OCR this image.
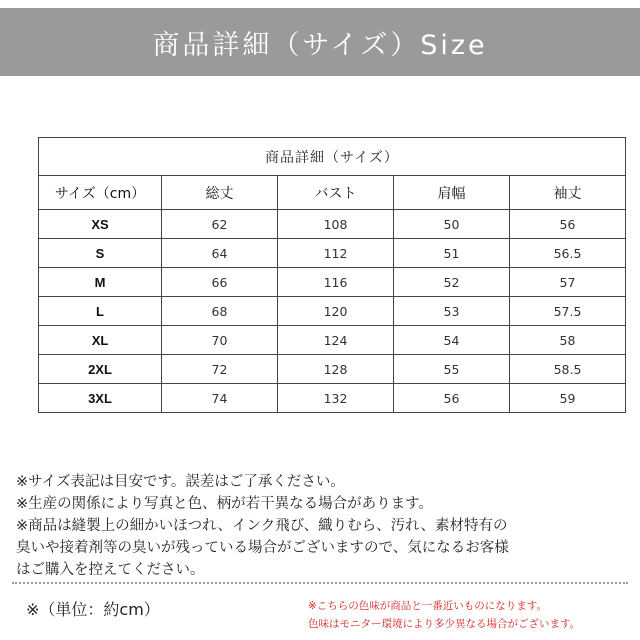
商品詳細（サイズ）Size
商品詳細（サイズ）				
サイズ（cm）	総丈	バスト	肩幅	袖丈
XS	62	108	50	56
S	64	112	51	56.5
M	66	116	52	57
L	68	120	53	57.5
XL	70	124	54	58
2XL	72	128	55	58.5
3XL	74	132	56	59
※サイズ表記は目安です。誤差はご了承ください。
※生産の関係により写真と色、柄が若干異なる場合があります。
※商品は縫製上の細かいほつれ、インク飛び、織りむら、汚れ、素材特有の
臭いや接着剤等の臭いが残っている場合がございますので、気になるお客様
はご購入を控えてください。
※（単位：約cm）	※こちらの色味が商品と一番近いものになります。
色味はモニター環境により多少異なる場合がございます。
